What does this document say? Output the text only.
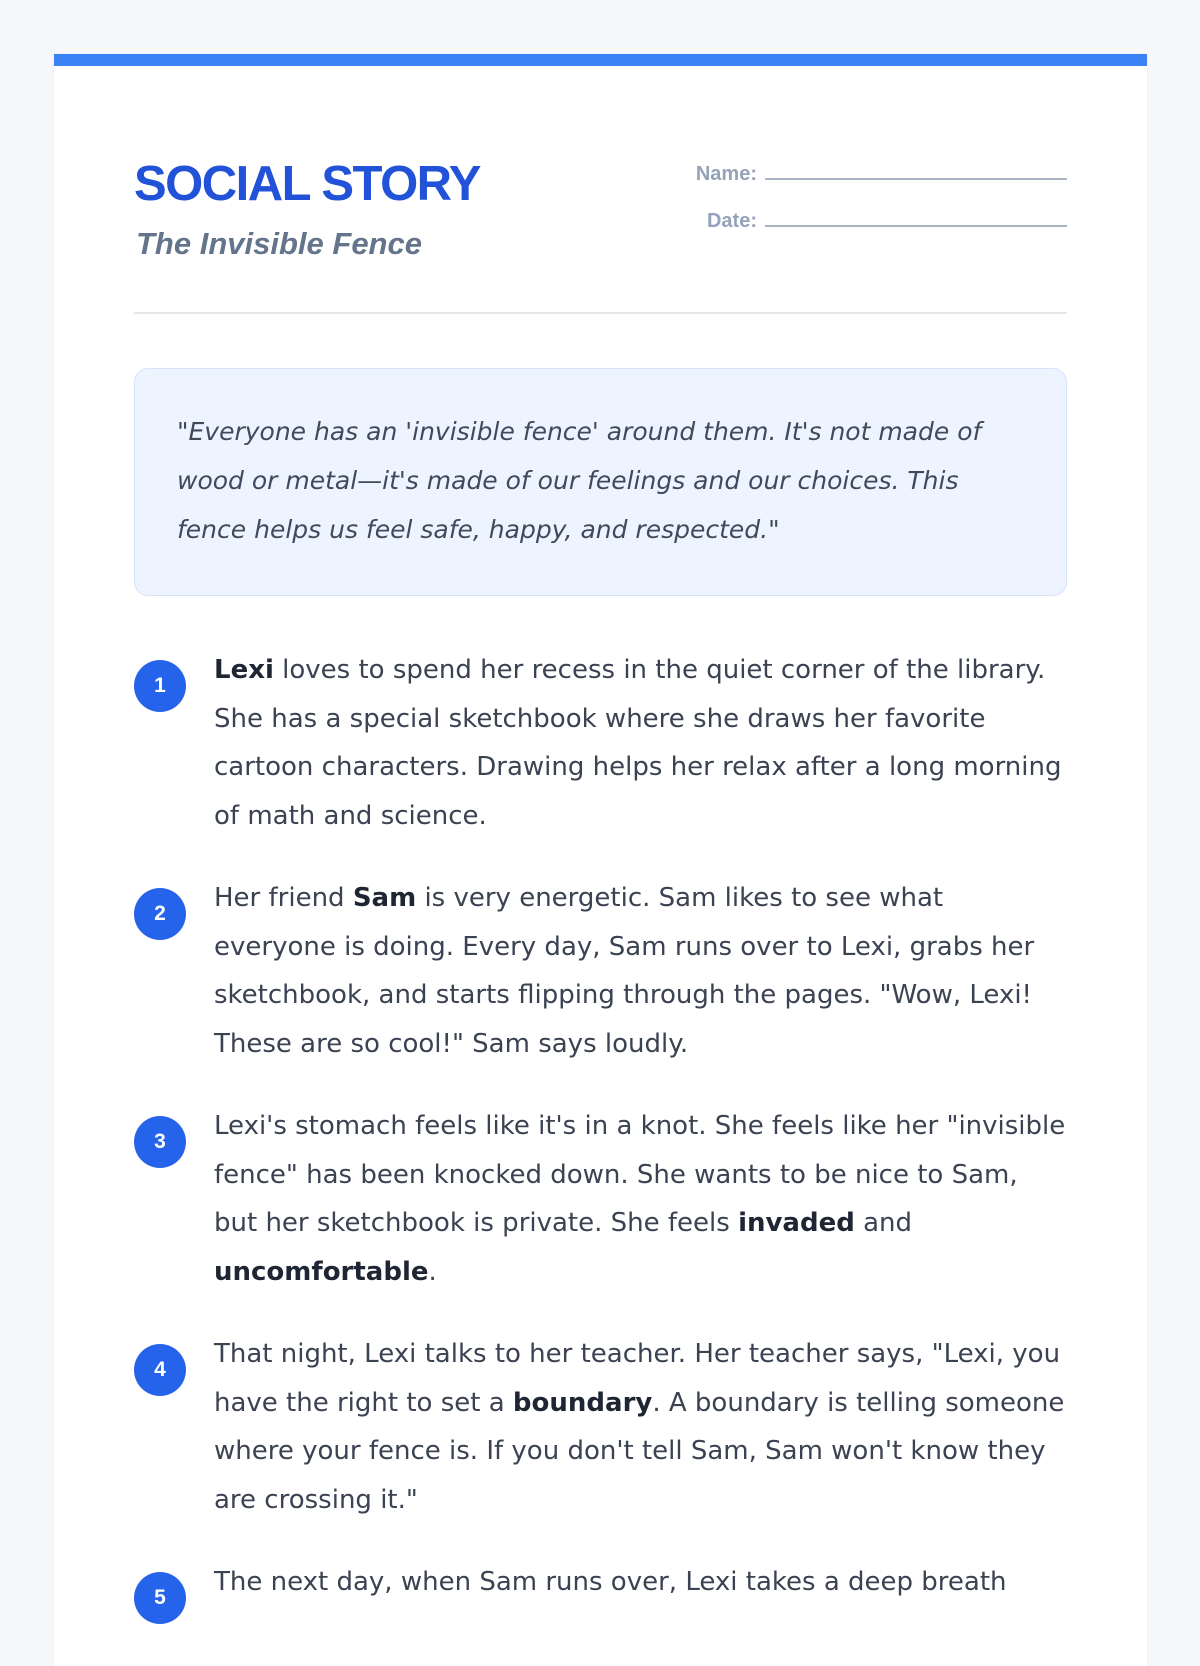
SOCIAL STORY
The Invisible Fence
Name:
Date:

"Everyone has an 'invisible fence' around them. It's not made of wood or metal—it's made of our feelings and our choices. This fence helps us feel safe, happy, and respected."

1

Lexi loves to spend her recess in the quiet corner of the library. She has a special sketchbook where she draws her favorite cartoon characters. Drawing helps her relax after a long morning of math and science.

2

Her friend Sam is very energetic. Sam likes to see what everyone is doing. Every day, Sam runs over to Lexi, grabs her sketchbook, and starts flipping through the pages. "Wow, Lexi! These are so cool!" Sam says loudly.

3

Lexi's stomach feels like it's in a knot. She feels like her "invisible fence" has been knocked down. She wants to be nice to Sam, but her sketchbook is private. She feels invaded and uncomfortable.

4

That night, Lexi talks to her teacher. Her teacher says, "Lexi, you have the right to set a boundary. A boundary is telling someone where your fence is. If you don't tell Sam, Sam won't know they are crossing it."

5

The next day, when Sam runs over, Lexi takes a deep breath
